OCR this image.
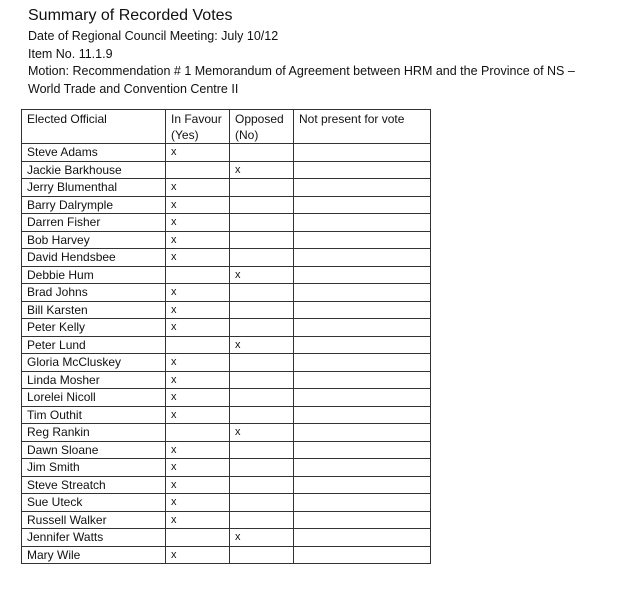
Summary of Recorded Votes

Date of Regional Council Meeting: July 10/12

Item No. 11.1.9

Motion: Recommendation # 1 Memorandum of Agreement between HRM and the Province of NS –

World Trade and Convention Centre II

Elected Official	In Favour (Yes)	Opposed (No)	Not present for vote
Steve Adams	x		
Jackie Barkhouse		x	
Jerry Blumenthal	x		
Barry Dalrymple	x		
Darren Fisher	x		
Bob Harvey	x		
David Hendsbee	x		
Debbie Hum		x	
Brad Johns	x		
Bill Karsten	x		
Peter Kelly	x		
Peter Lund		x	
Gloria McCluskey	x		
Linda Mosher	x		
Lorelei Nicoll	x		
Tim Outhit	x		
Reg Rankin		x	
Dawn Sloane	x		
Jim Smith	x		
Steve Streatch	x		
Sue Uteck	x		
Russell Walker	x		
Jennifer Watts		x	
Mary Wile	x		
